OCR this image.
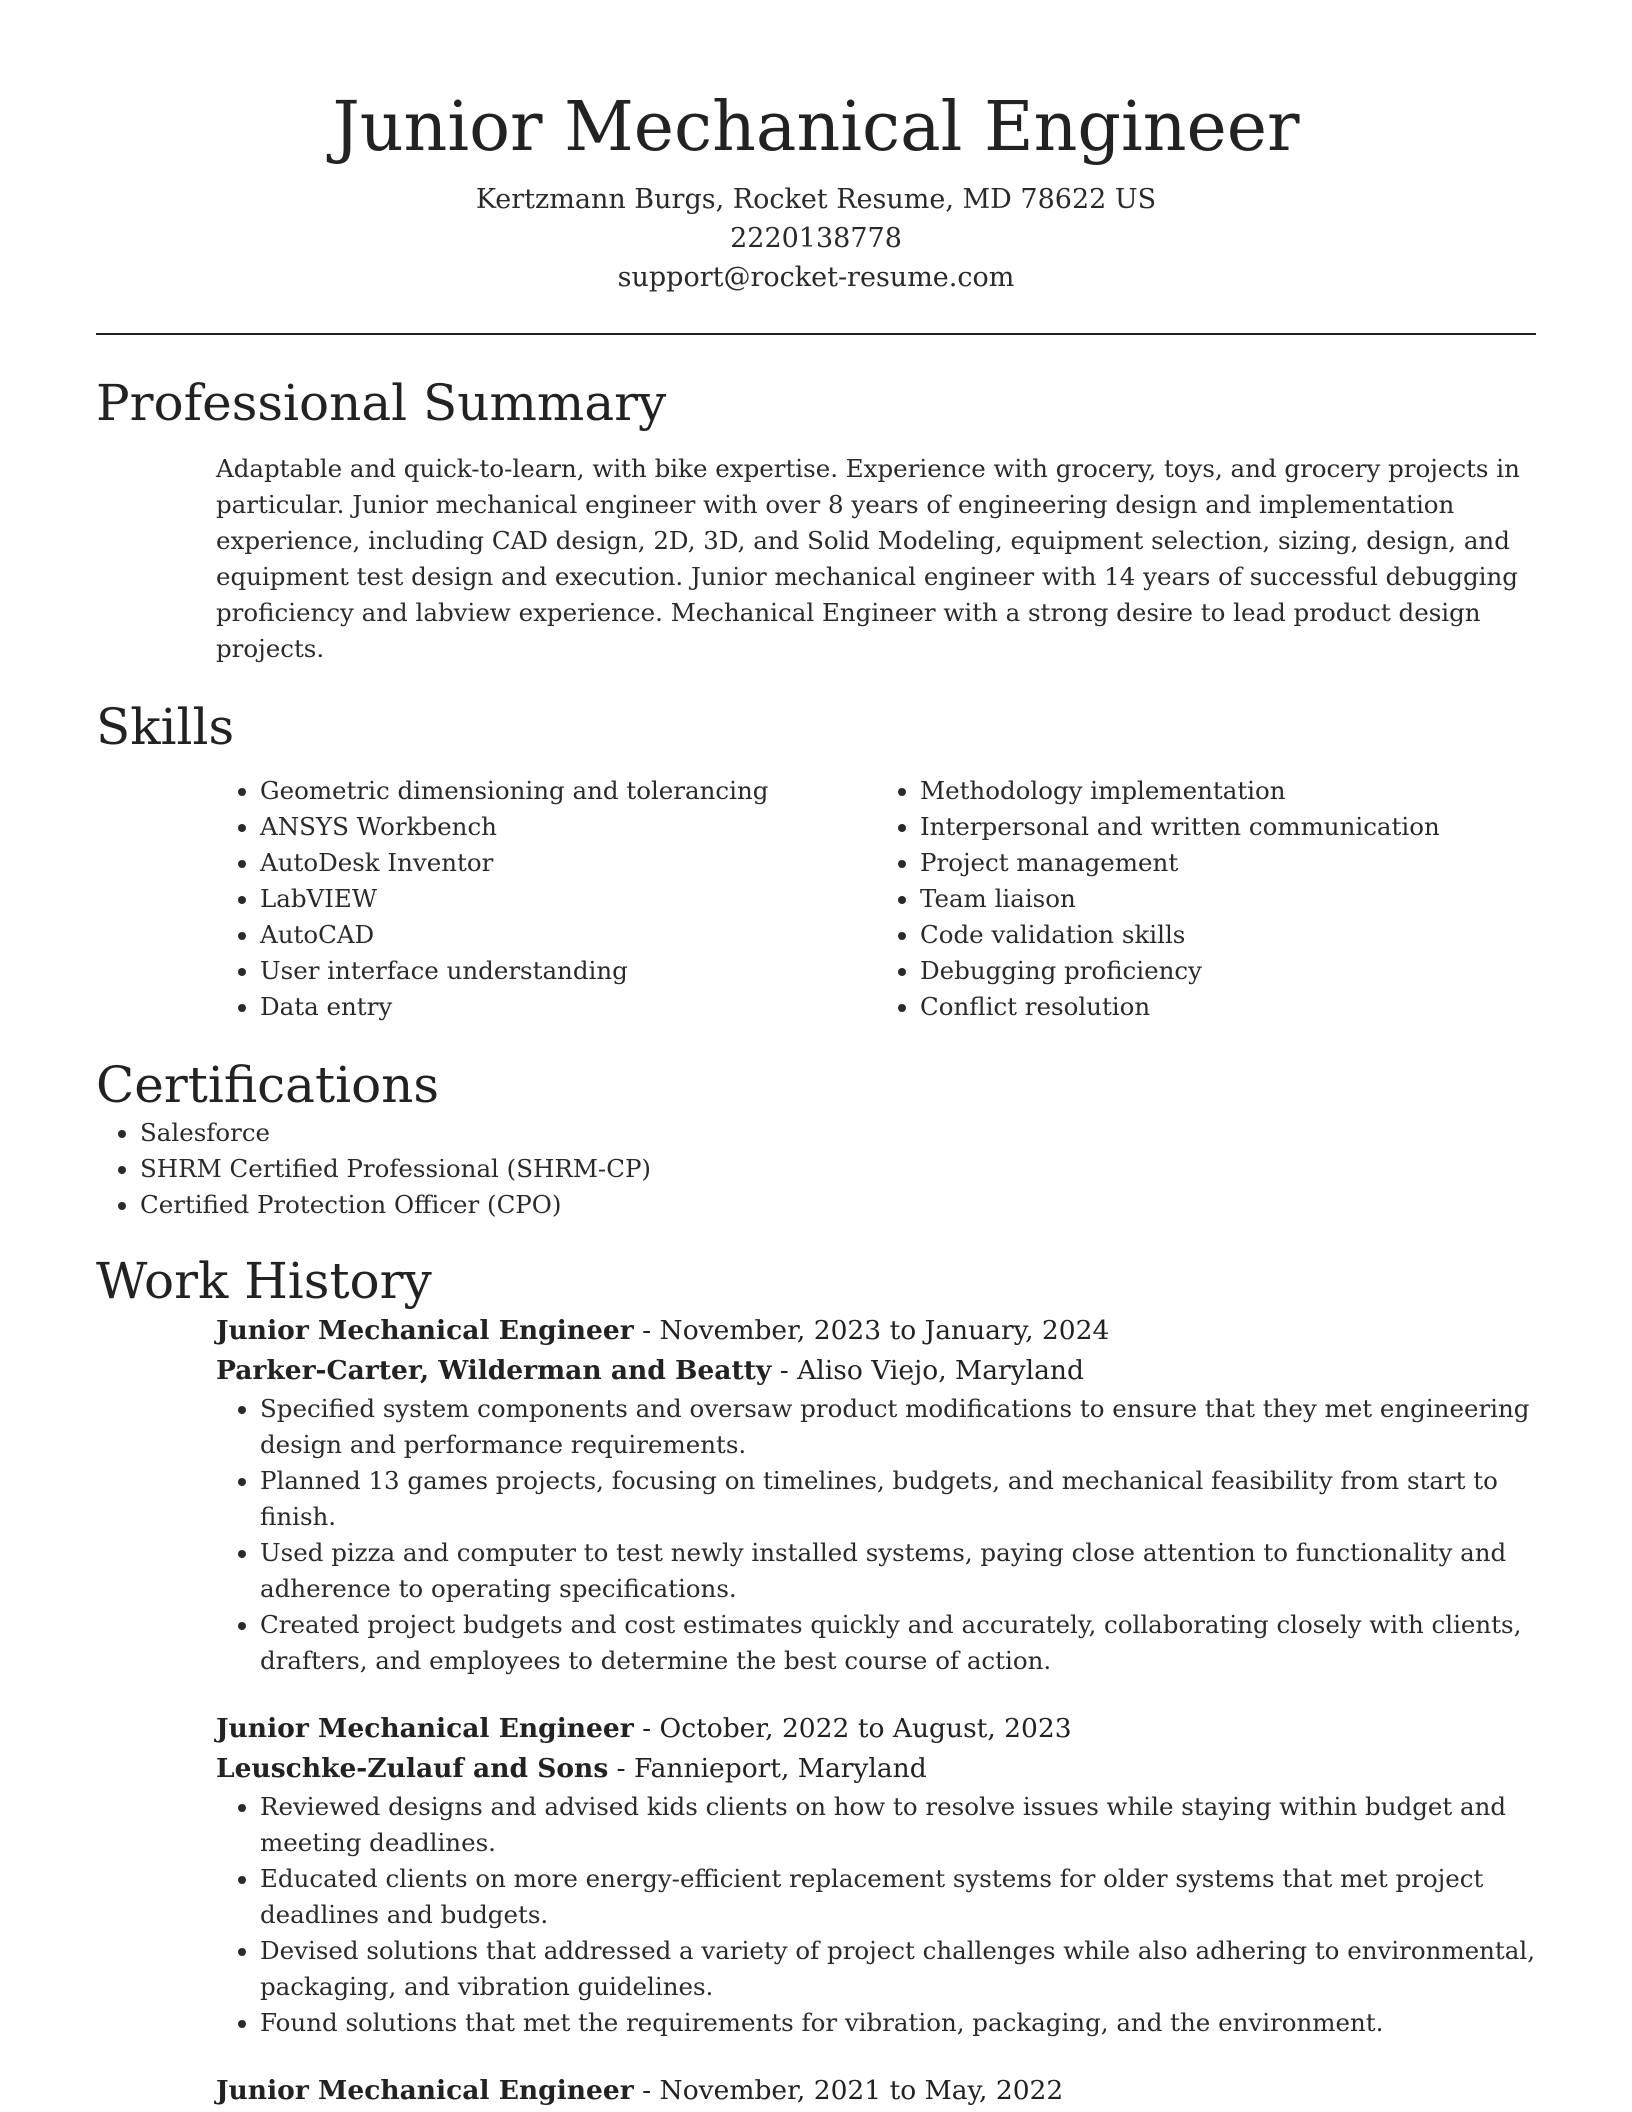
Junior Mechanical Engineer
Kertzmann Burgs, Rocket Resume, MD 78622 US
2220138778
support@rocket-resume.com
Professional Summary
Adaptable and quick-to-learn, with bike expertise. Experience with grocery, toys, and grocery projects in particular. Junior mechanical engineer with over 8 years of engineering design and implementation experience, including CAD design, 2D, 3D, and Solid Modeling, equipment selection, sizing, design, and equipment test design and execution. Junior mechanical engineer with 14 years of successful debugging proficiency and labview experience. Mechanical Engineer with a strong desire to lead product design projects.
Skills
• Geometric dimensioning and tolerancing
• ANSYS Workbench
• AutoDesk Inventor
• LabVIEW
• AutoCAD
• User interface understanding
• Data entry
• Methodology implementation
• Interpersonal and written communication
• Project management
• Team liaison
• Code validation skills
• Debugging proficiency
• Conflict resolution
Certifications
• Salesforce
• SHRM Certified Professional (SHRM-CP)
• Certified Protection Officer (CPO)
Work History
Junior Mechanical Engineer - November, 2023 to January, 2024
Parker-Carter, Wilderman and Beatty - Aliso Viejo, Maryland
• Specified system components and oversaw product modifications to ensure that they met engineering design and performance requirements.
• Planned 13 games projects, focusing on timelines, budgets, and mechanical feasibility from start to finish.
• Used pizza and computer to test newly installed systems, paying close attention to functionality and adherence to operating specifications.
• Created project budgets and cost estimates quickly and accurately, collaborating closely with clients, drafters, and employees to determine the best course of action.
Junior Mechanical Engineer - October, 2022 to August, 2023
Leuschke-Zulauf and Sons - Fannieport, Maryland
• Reviewed designs and advised kids clients on how to resolve issues while staying within budget and meeting deadlines.
• Educated clients on more energy-efficient replacement systems for older systems that met project deadlines and budgets.
• Devised solutions that addressed a variety of project challenges while also adhering to environmental, packaging, and vibration guidelines.
• Found solutions that met the requirements for vibration, packaging, and the environment.
Junior Mechanical Engineer - November, 2021 to May, 2022
